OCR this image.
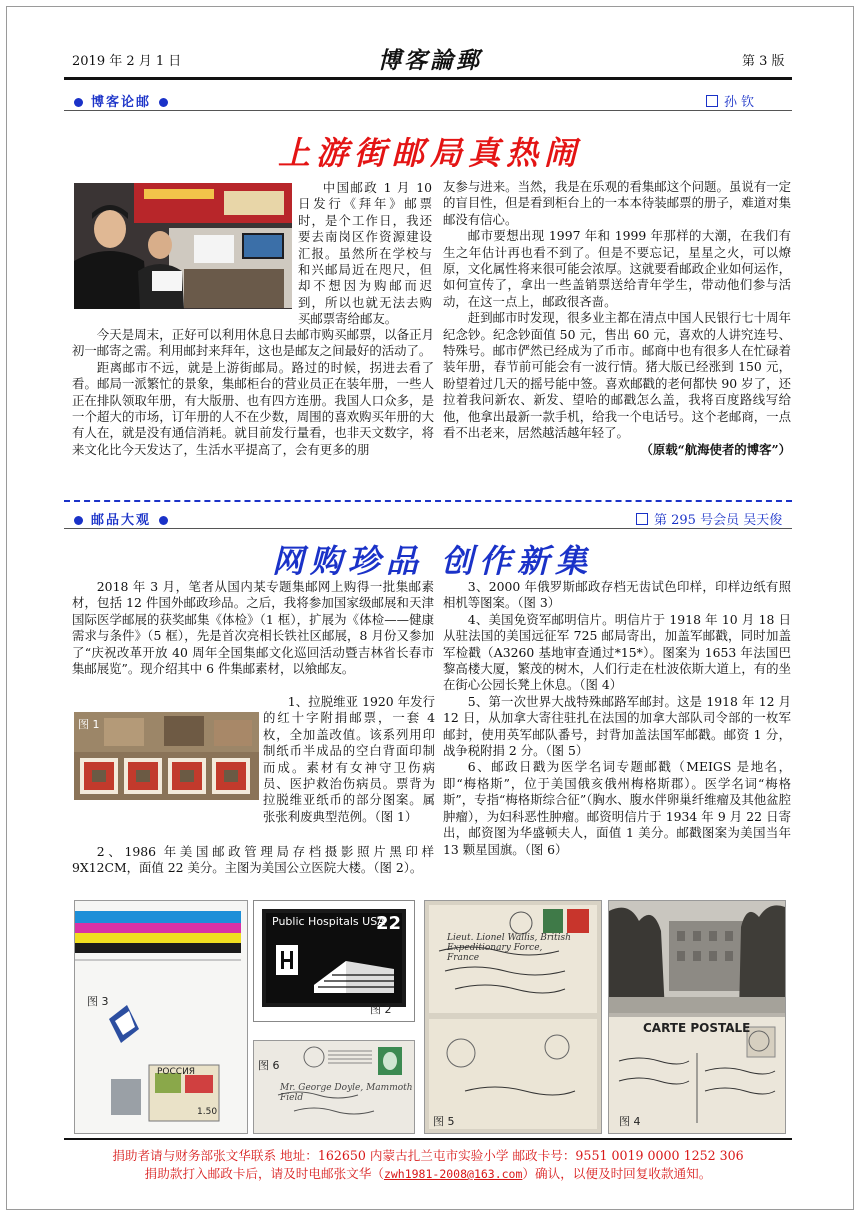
2019 年 2 月 1 日	博客論郵	第 3 版
博客论邮	孙 钦
上游街邮局真热闹

中国邮政 1 月 10 日发行《拜年》邮票时，是个工作日，我还要去南岗区作资源建设汇报。虽然所在学校与和兴邮局近在咫尺，但却不想因为购邮而迟到，所以也就无法去购买邮票寄给邮友。

今天是周末，正好可以利用休息日去邮市购买邮票，以备正月初一邮寄之需。利用邮封来拜年，这也是邮友之间最好的活动了。

距离邮市不远，就是上游街邮局。路过的时候，拐进去看了看。邮局一派繁忙的景象，集邮柜台的营业员正在装年册，一些人正在排队领取年册，有大版册、也有四方连册。我国人口众多，是一个超大的市场，订年册的人不在少数，周围的喜欢购买年册的大有人在，就是没有通信消耗。就目前发行量看，也非天文数字，将来文化比今天发达了，生活水平提高了，会有更多的朋

友参与进来。当然，我是在乐观的看集邮这个问题。虽说有一定的盲目性，但是看到柜台上的一本本待装邮票的册子，难道对集邮没有信心。

邮市要想出现 1997 年和 1999 年那样的大潮，在我们有生之年估计再也看不到了。但是不要忘记，星星之火，可以燎原，文化属性将来很可能会浓厚。这就要看邮政企业如何运作，如何宣传了，拿出一些盖销票送给青年学生，带动他们参与活动，在这一点上，邮政很吝啬。

赶到邮市时发现，很多业主都在清点中国人民银行七十周年纪念钞。纪念钞面值 50 元，售出 60 元，喜欢的人讲究连号、特殊号。邮市俨然已经成为了币市。邮商中也有很多人在忙碌着装年册，春节前可能会有一波行情。猪大版已经涨到 150 元，盼望着过几天的摇号能中签。喜欢邮戳的老何都快 90 岁了，还拉着我问新农、新发、望哈的邮戳怎么盖，我将百度路线写给他，他拿出最新一款手机，给我一个电话号。这个老邮商，一点看不出老来，居然越活越年轻了。

（原载“航海使者的博客”）
邮品大观	第 295 号会员 吴天俊
网购珍品 创作新集

2018 年 3 月，笔者从国内某专题集邮网上购得一批集邮素材，包括 12 件国外邮政珍品。之后，我将参加国家级邮展和天津国际医学邮展的获奖邮集《体检》（1 框），扩展为《体检——健康需求与条件》（5 框），先是首次亮相长铁社区邮展，8 月份又参加了“庆祝改革开放 40 周年全国集邮文化巡回活动暨吉林省长春市集邮展览”。现介绍其中 6 件集邮素材，以飨邮友。

图 1

1、拉脱维亚 1920 年发行的红十字附捐邮票，一套 4 枚，全加盖改值。该系列用印制纸币半成品的空白背面印制而成。素材有女神守卫伤病员、医护救治伤病员。票背为拉脱维亚纸币的部分图案。属张张利废典型范例。（图 1）

2、1986 年美国邮政管理局存档摄影照片黑印样 9X12CM，面值 22 美分。主图为美国公立医院大楼。（图 2）。

3、2000 年俄罗斯邮政存档无齿试色印样，印样边纸有照相机等图案。（图 3）

4、美国免资军邮明信片。明信片于 1918 年 10 月 18 日从驻法国的美国远征军 725 邮局寄出，加盖军邮戳，同时加盖军检戳（A3260 基地审查通过*15*）。图案为 1653 年法国巴黎高楼大厦，繁茂的树木，人们行走在杜波依斯大道上，有的坐在街心公园长凳上休息。（图 4）

5、第一次世界大战特殊邮路军邮封。这是 1918 年 12 月 12 日，从加拿大寄往驻扎在法国的加拿大部队司令部的一枚军邮封，使用英军邮队番号，封背加盖法国军邮戳。邮资 1 分，战争税附捐 2 分。（图 5）

6、邮政日戳为医学名词专题邮戳（MEIGS 是地名，即“梅格斯”，位于美国俄亥俄州梅格斯郡）。医学名词“梅格斯”，专指“梅格斯综合征”（胸水、腹水伴卵巢纤维瘤及其他盆腔肿瘤），为妇科恶性肿瘤。邮资明信片于 1934 年 9 月 22 日寄出，邮资图为华盛顿夫人，面值 1 美分。邮戳图案为美国当年 13 颗星国旗。（图 6）

图 3
РОССИЯ
1.50
Public Hospitals USA
22
图 2
图 6
Mr. George Doyle, Mammoth Field
Lieut. Lionel Wallis, British Expeditionary Force, France
图 5
CARTE POSTALE
图 4
捐助者请与财务部张文华联系 地址：162650 内蒙古扎兰屯市实验小学 邮政卡号：9551 0019 0000 1252 306
捐助款打入邮政卡后，请及时电邮张文华（zwh1981-2008@163.com）确认，以便及时回复收款通知。
